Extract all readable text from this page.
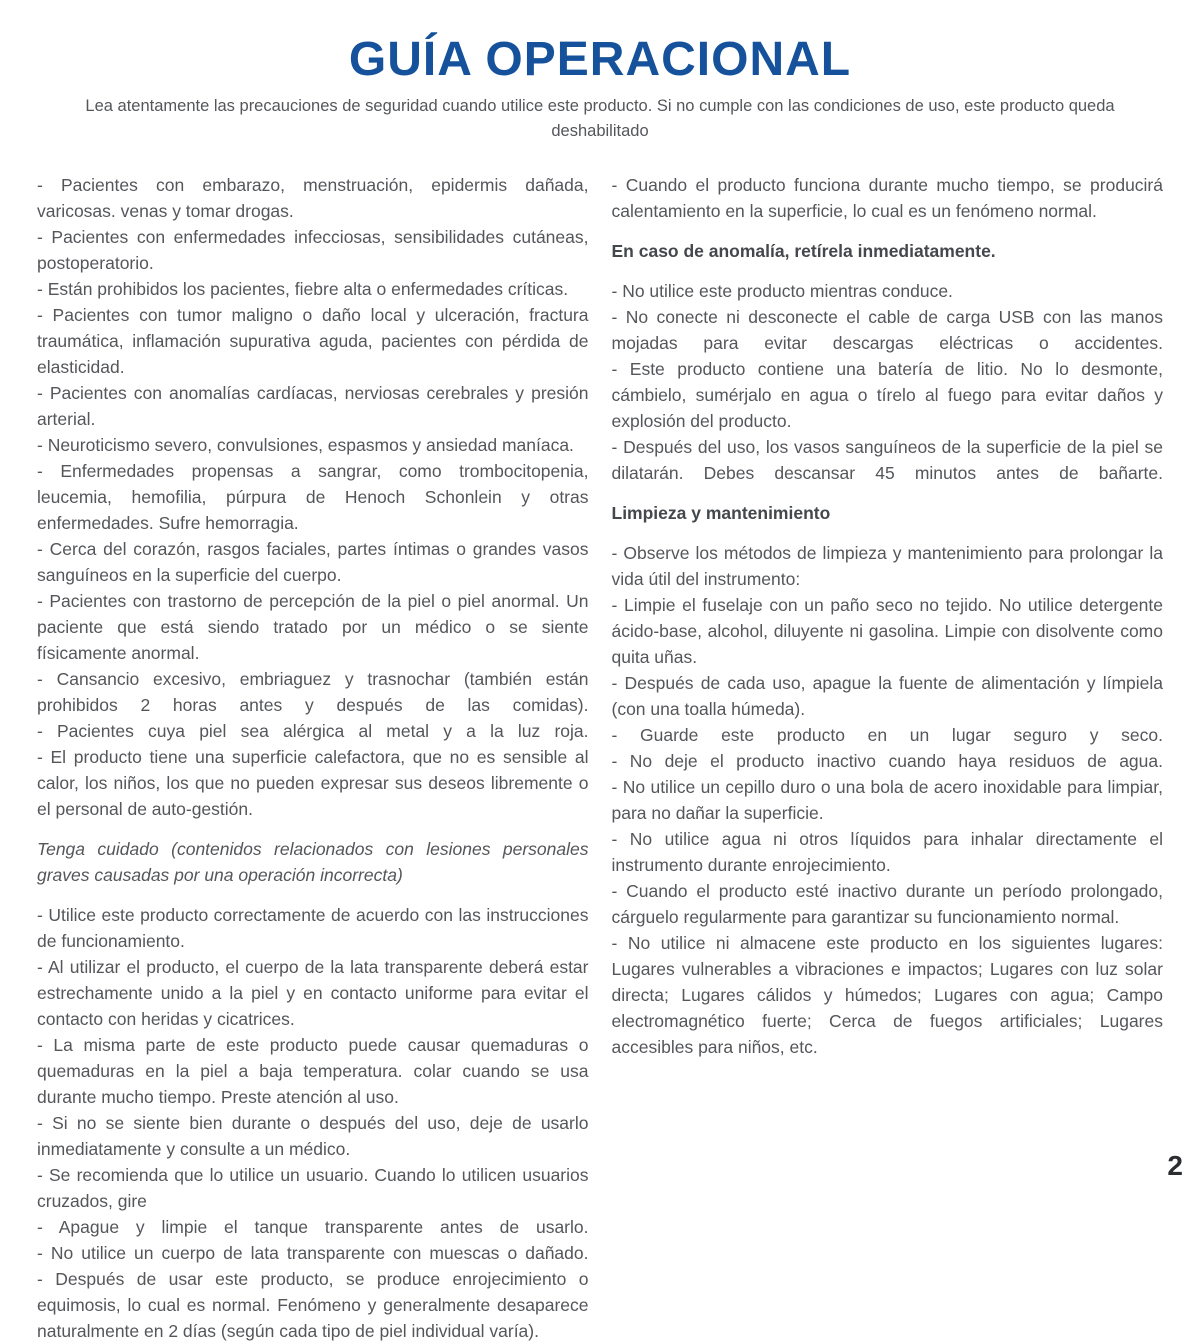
GUÍA OPERACIONAL
Lea atentamente las precauciones de seguridad cuando utilice este producto. Si no cumple con las condiciones de uso, este producto queda deshabilitado

- Pacientes con embarazo, menstruación, epidermis dañada, varicosas. venas y tomar drogas.

- Pacientes con enfermedades infecciosas, sensibilidades cutáneas, postoperatorio.

- Están prohibidos los pacientes, fiebre alta o enfermedades críticas.

- Pacientes con tumor maligno o daño local y ulceración, fractura traumática, inflamación supurativa aguda, pacientes con pérdida de elasticidad.

- Pacientes con anomalías cardíacas, nerviosas cerebrales y presión arterial.

- Neuroticismo severo, convulsiones, espasmos y ansiedad maníaca.

- Enfermedades propensas a sangrar, como trombocitopenia, leucemia, hemofilia, púrpura de Henoch Schonlein y otras enfermedades. Sufre hemorragia.

- Cerca del corazón, rasgos faciales, partes íntimas o grandes vasos sanguíneos en la superficie del cuerpo.

- Pacientes con trastorno de percepción de la piel o piel anormal. Un paciente que está siendo tratado por un médico o se siente físicamente anormal.

- Cansancio excesivo, embriaguez y trasnochar (también están prohibidos 2 horas antes y después de las comidas).

- Pacientes cuya piel sea alérgica al metal y a la luz roja.

- El producto tiene una superficie calefactora, que no es sensible al calor, los niños, los que no pueden expresar sus deseos libremente o el personal de auto-gestión.

Tenga cuidado (contenidos relacionados con lesiones personales graves causadas por una operación incorrecta)

- Utilice este producto correctamente de acuerdo con las instrucciones de funcionamiento.

- Al utilizar el producto, el cuerpo de la lata transparente deberá estar estrechamente unido a la piel y en contacto uniforme para evitar el contacto con heridas y cicatrices.

- La misma parte de este producto puede causar quemaduras o quemaduras en la piel a baja temperatura. colar cuando se usa durante mucho tiempo. Preste atención al uso.

- Si no se siente bien durante o después del uso, deje de usarlo inmediatamente y consulte a un médico.

- Se recomienda que lo utilice un usuario. Cuando lo utilicen usuarios cruzados, gire

- Apague y limpie el tanque transparente antes de usarlo.

- No utilice un cuerpo de lata transparente con muescas o dañado.

- Después de usar este producto, se produce enrojecimiento o equimosis, lo cual es normal. Fenómeno y generalmente desaparece naturalmente en 2 días (según cada tipo de piel individual varía).

- Cuando el producto funciona durante mucho tiempo, se producirá calentamiento en la superficie, lo cual es un fenómeno normal.

En caso de anomalía, retírela inmediatamente.

- No utilice este producto mientras conduce.

- No conecte ni desconecte el cable de carga USB con las manos mojadas para evitar descargas eléctricas o accidentes.

- Este producto contiene una batería de litio. No lo desmonte, cámbielo, sumérjalo en agua o tírelo al fuego para evitar daños y explosión del producto.

- Después del uso, los vasos sanguíneos de la superficie de la piel se dilatarán. Debes descansar 45 minutos antes de bañarte.

Limpieza y mantenimiento

- Observe los métodos de limpieza y mantenimiento para prolongar la vida útil del instrumento:

- Limpie el fuselaje con un paño seco no tejido. No utilice detergente ácido-base, alcohol, diluyente ni gasolina. Limpie con disolvente como quita uñas.

- Después de cada uso, apague la fuente de alimentación y límpiela (con una toalla húmeda).

- Guarde este producto en un lugar seguro y seco.

- No deje el producto inactivo cuando haya residuos de agua.

- No utilice un cepillo duro o una bola de acero inoxidable para limpiar, para no dañar la superficie.

- No utilice agua ni otros líquidos para inhalar directamente el instrumento durante enrojecimiento.

- Cuando el producto esté inactivo durante un período prolongado, cárguelo regularmente para garantizar su funcionamiento normal.

- No utilice ni almacene este producto en los siguientes lugares: Lugares vulnerables a vibraciones e impactos; Lugares con luz solar directa; Lugares cálidos y húmedos; Lugares con agua; Campo electromagnético fuerte; Cerca de fuegos artificiales; Lugares accesibles para niños, etc.

2
